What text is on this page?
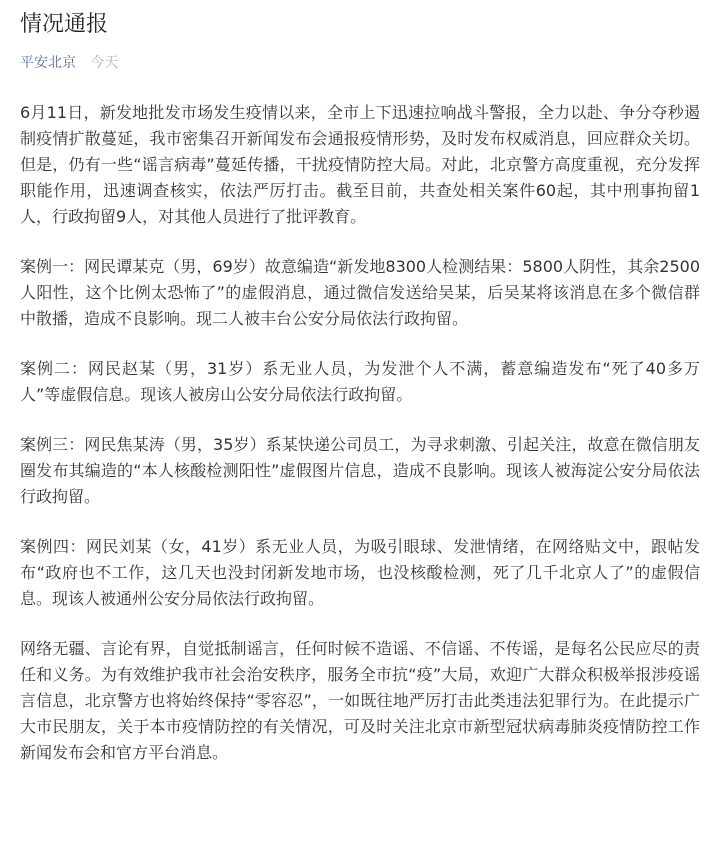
情况通报
平安北京 今天

6月11日，新发地批发市场发生疫情以来，全市上下迅速拉响战斗警报，全力以赴、争分夺秒遏制疫情扩散蔓延，我市密集召开新闻发布会通报疫情形势，及时发布权威消息，回应群众关切。但是，仍有一些“谣言病毒”蔓延传播，干扰疫情防控大局。对此，北京警方高度重视，充分发挥职能作用，迅速调查核实，依法严厉打击。截至目前，共查处相关案件60起，其中刑事拘留1人，行政拘留9人，对其他人员进行了批评教育。

案例一：网民谭某克（男，69岁）故意编造“新发地8300人检测结果：5800人阴性，其余2500人阳性，这个比例太恐怖了”的虚假消息，通过微信发送给吴某，后吴某将该消息在多个微信群中散播，造成不良影响。现二人被丰台公安分局依法行政拘留。

案例二：网民赵某（男，31岁）系无业人员，为发泄个人不满，蓄意编造发布“死了40多万人”等虚假信息。现该人被房山公安分局依法行政拘留。

案例三：网民焦某涛（男，35岁）系某快递公司员工，为寻求刺激、引起关注，故意在微信朋友圈发布其编造的“本人核酸检测阳性”虚假图片信息，造成不良影响。现该人被海淀公安分局依法行政拘留。

案例四：网民刘某（女，41岁）系无业人员，为吸引眼球、发泄情绪，在网络贴文中，跟帖发布“政府也不工作，这几天也没封闭新发地市场，也没核酸检测，死了几千北京人了”的虚假信息。现该人被通州公安分局依法行政拘留。

网络无疆、言论有界，自觉抵制谣言，任何时候不造谣、不信谣、不传谣，是每名公民应尽的责任和义务。为有效维护我市社会治安秩序，服务全市抗“疫”大局，欢迎广大群众积极举报涉疫谣言信息，北京警方也将始终保持“零容忍”，一如既往地严厉打击此类违法犯罪行为。在此提示广大市民朋友，关于本市疫情防控的有关情况，可及时关注北京市新型冠状病毒肺炎疫情防控工作新闻发布会和官方平台消息。
